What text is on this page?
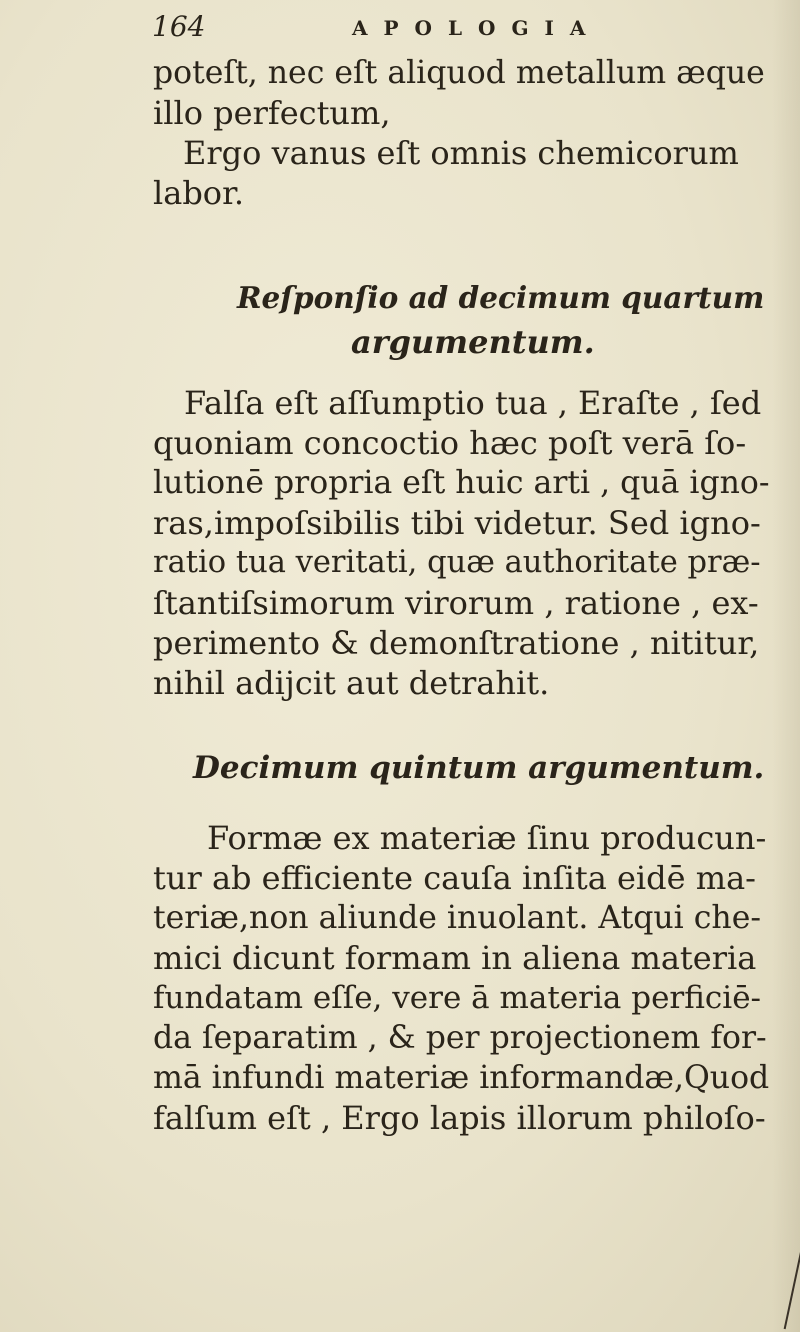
164	APOLOGIA
poteſt, nec eſt aliquod metallum æque
illo perfectum,
Ergo vanus eſt omnis chemicorum
labor.
Reſponſio ad decimum quartum
argumentum.
Falſa eſt aſſumptio tua , Eraſte , ſed
quoniam concoctio hæc poſt verā ſo-
lutionē propria eſt huic arti , quā igno-
ras,impoſsibilis tibi videtur. Sed igno-
ratio tua veritati, quæ authoritate præ-
ſtantiſsimorum virorum , ratione , ex-
perimento & demonſtratione , nititur,
nihil adijcit aut detrahit.
Decimum quintum argumentum.
Formæ ex materiæ ſinu producun-
tur ab efficiente cauſa inſita eidē ma-
teriæ,non aliunde inuolant. Atqui che-
mici dicunt formam in aliena materia
fundatam eſſe, vere ā materia perficiē-
da ſeparatim , & per projectionem for-
mā infundi materiæ informandæ,Quod
falſum eſt , Ergo lapis illorum philoſo-
